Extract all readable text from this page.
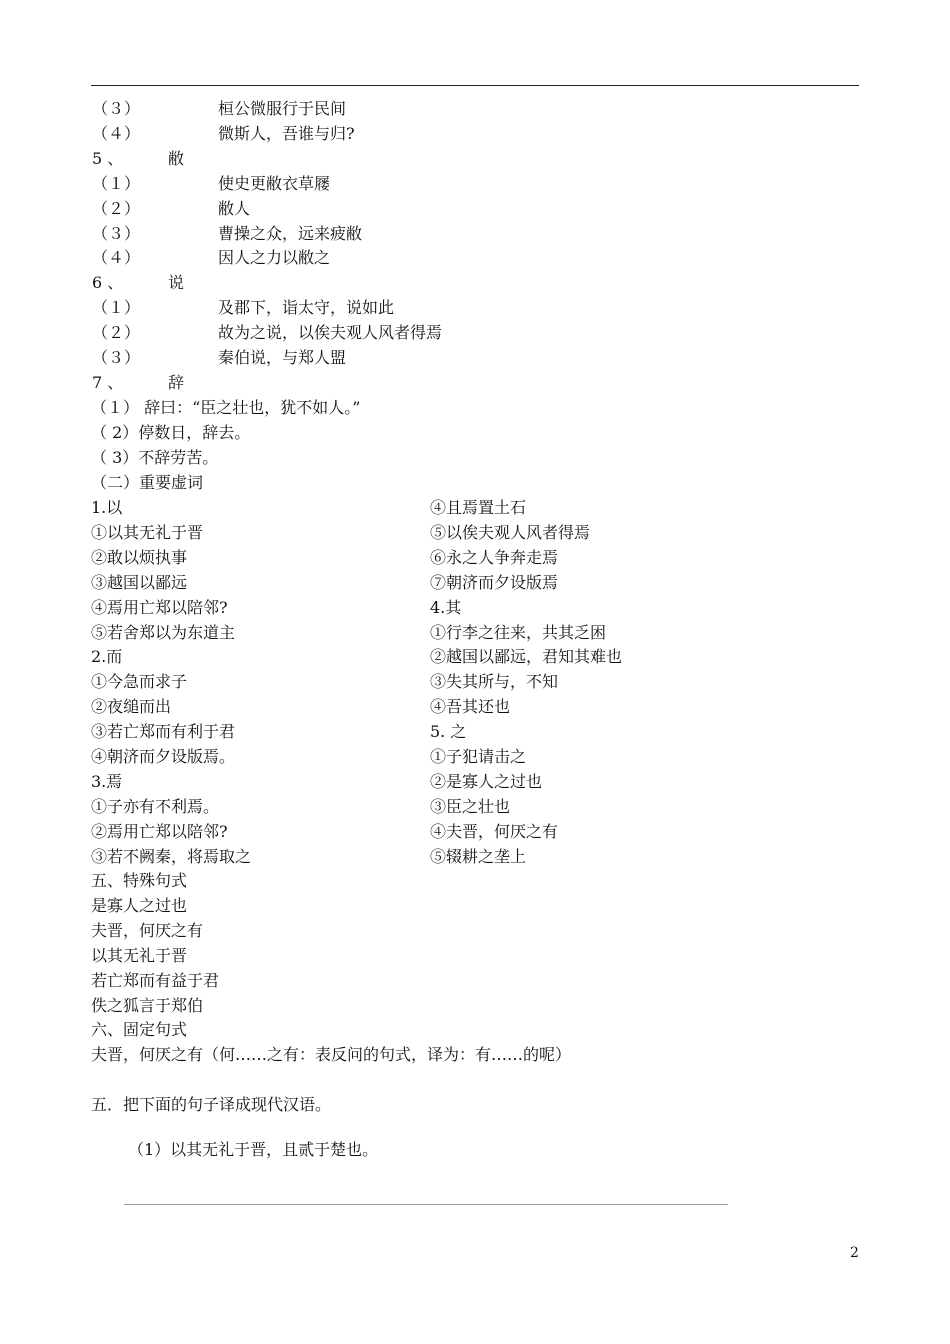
（３）	桓公微服行于民间
（４）	微斯人，吾谁与归?
5 、	敝
（１）	使史更敝衣草屦
（２）	敝人
（３）	曹操之众，远来疲敝
（４）	因人之力以敝之
6 、	说
（１）	及郡下，诣太守，说如此
（２）	故为之说，以俟夫观人风者得焉
（３）	秦伯说，与郑人盟
7 、	辞
（１） 辞曰：“臣之壮也，犹不如人。”
（ 2）停数日，辞去。
（ 3）不辞劳苦。
（二）重要虚词
1.以
①以其无礼于晋
②敢以烦执事
③越国以鄙远
④焉用亡郑以陪邻?
⑤若舍郑以为东道主
2.而
①今急而求子
②夜缒而出
③若亡郑而有利于君
④朝济而夕设版焉。
3.焉
①子亦有不利焉。
②焉用亡郑以陪邻?
③若不阙秦，将焉取之
④且焉置土石
⑤以俟夫观人风者得焉
⑥永之人争奔走焉
⑦朝济而夕设版焉
4.其
①行李之往来，共其乏困
②越国以鄙远，君知其难也
③失其所与，不知
④吾其还也
5. 之
①子犯请击之
②是寡人之过也
③臣之壮也
④夫晋，何厌之有
⑤辍耕之垄上
五、特殊句式
是寡人之过也
夫晋，何厌之有
以其无礼于晋
若亡郑而有益于君
佚之狐言于郑伯
六、固定句式
夫晋，何厌之有（何……之有：表反问的句式，译为：有……的呢）
五．把下面的句子译成现代汉语。
（1）以其无礼于晋，且贰于楚也。
2
